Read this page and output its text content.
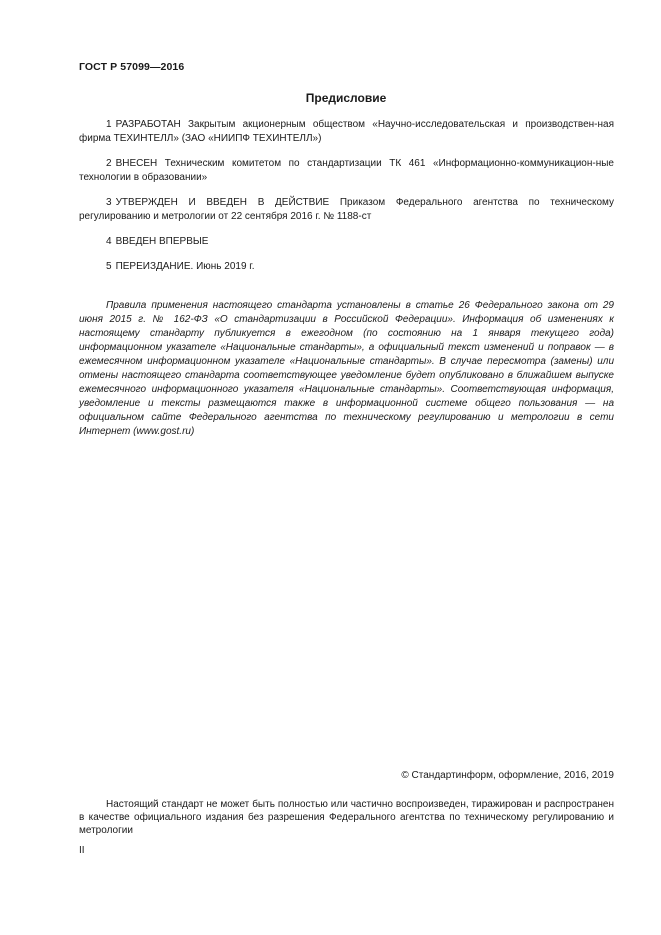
ГОСТ Р 57099—2016
Предисловие

1 РАЗРАБОТАН Закрытым акционерным обществом «Научно-исследовательская и производствен-ная фирма ТЕХИНТЕЛЛ» (ЗАО «НИИПФ ТЕХИНТЕЛЛ»)

2 ВНЕСЕН Техническим комитетом по стандартизации ТК 461 «Информационно-коммуникацион-ные технологии в образовании»

3 УТВЕРЖДЕН И ВВЕДЕН В ДЕЙСТВИЕ Приказом Федерального агентства по техническому регулированию и метрологии от 22 сентября 2016 г. № 1188-ст

4 ВВЕДЕН ВПЕРВЫЕ

5 ПЕРЕИЗДАНИЕ. Июнь 2019 г.

Правила применения настоящего стандарта установлены в статье 26 Федерального закона от 29 июня 2015 г. № 162-ФЗ «О стандартизации в Российской Федерации». Информация об изменениях к настоящему стандарту публикуется в ежегодном (по состоянию на 1 января текущего года) информационном указателе «Национальные стандарты», а официальный текст изменений и поправок — в ежемесячном информационном указателе «Национальные стандарты». В случае пересмотра (замены) или отмены настоящего стандарта соответствующее уведомление будет опубликовано в ближайшем выпуске ежемесячного информационного указателя «Национальные стандарты». Соответствующая информация, уведомление и тексты размещаются также в информационной системе общего пользования — на официальном сайте Федерального агентства по техническому регулированию и метрологии в сети Интернет (www.gost.ru)

© Стандартинформ, оформление, 2016, 2019

Настоящий стандарт не может быть полностью или частично воспроизведен, тиражирован и распространен в качестве официального издания без разрешения Федерального агентства по техническому регулированию и метрологии

II
